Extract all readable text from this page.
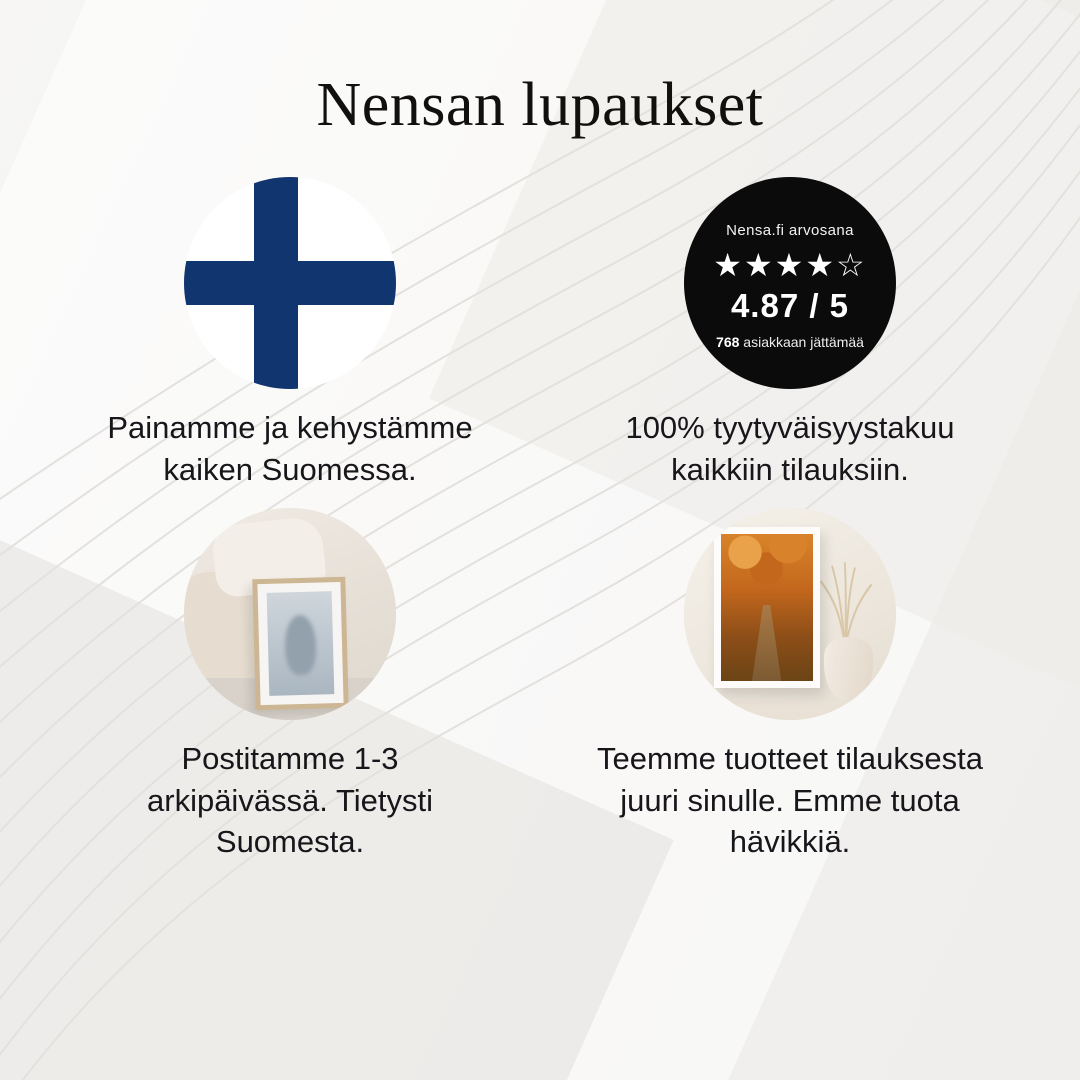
Nensan lupaukset
Painamme ja kehystämme kaiken Suomessa.
Nensa.fi arvosana
★★★★☆
4.87 / 5
768 asiakkaan jättämää
100% tyytyväisyystakuu kaikkiin tilauksiin.
Postitamme 1-3 arkipäivässä. Tietysti Suomesta.
Teemme tuotteet tilauksesta juuri sinulle. Emme tuota hävikkiä.
